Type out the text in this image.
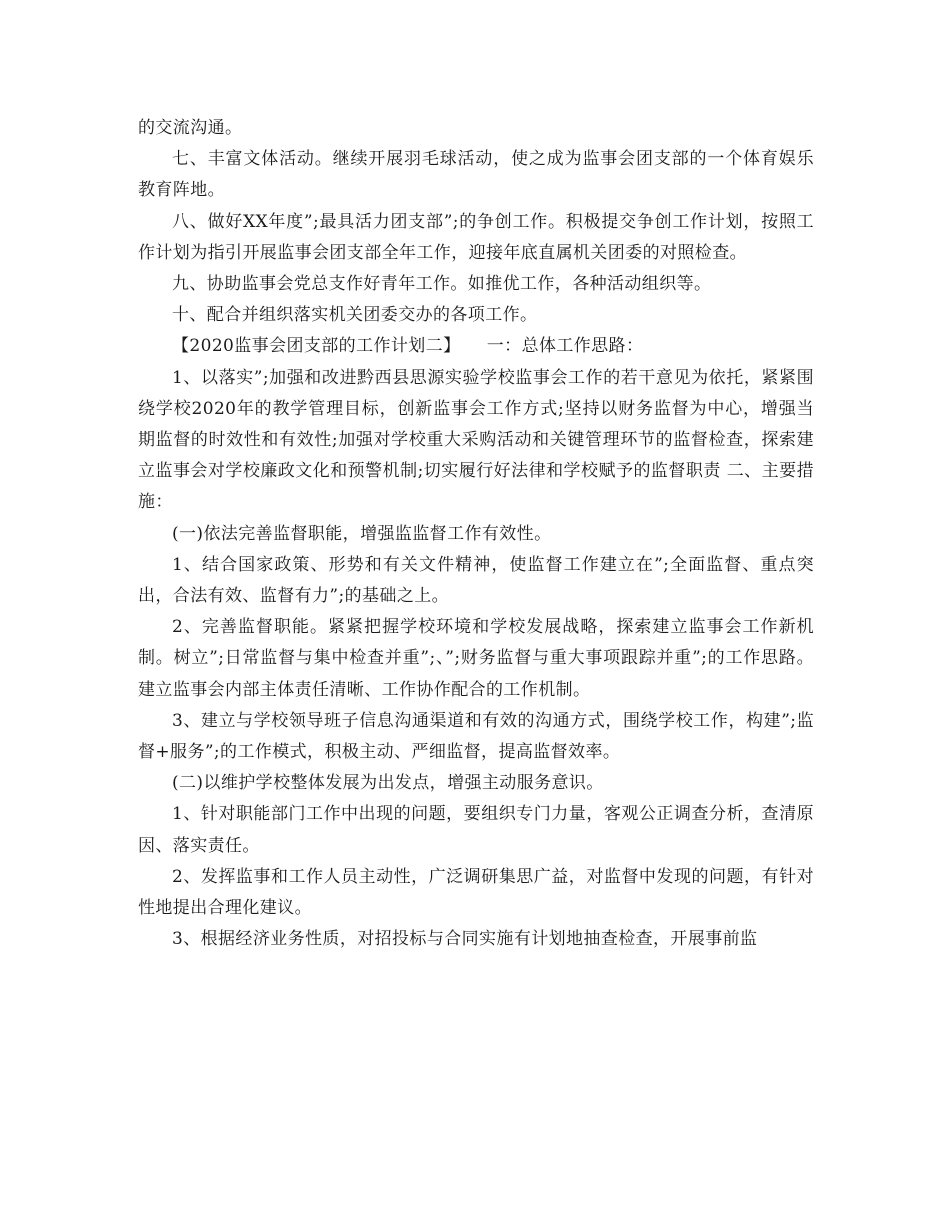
的交流沟通。

七、丰富文体活动。继续开展羽毛球活动，使之成为监事会团支部的一个体育娱乐教育阵地。

八、做好XX年度”;最具活力团支部”;的争创工作。积极提交争创工作计划，按照工作计划为指引开展监事会团支部全年工作，迎接年底直属机关团委的对照检查。

九、协助监事会党总支作好青年工作。如推优工作，各种活动组织等。

十、配合并组织落实机关团委交办的各项工作。

【2020监事会团支部的工作计划二】　　一：总体工作思路：

1、以落实”;加强和改进黔西县思源实验学校监事会工作的若干意见为依托，紧紧围绕学校2020年的教学管理目标，创新监事会工作方式;坚持以财务监督为中心，增强当期监督的时效性和有效性;加强对学校重大采购活动和关键管理环节的监督检查，探索建立监事会对学校廉政文化和预警机制;切实履行好法律和学校赋予的监督职责 二、主要措施：

(一)依法完善监督职能，增强监监督工作有效性。

1、结合国家政策、形势和有关文件精神，使监督工作建立在”;全面监督、重点突出，合法有效、监督有力”;的基础之上。

2、完善监督职能。紧紧把握学校环境和学校发展战略，探索建立监事会工作新机制。树立”;日常监督与集中检查并重”;、”;财务监督与重大事项跟踪并重”;的工作思路。建立监事会内部主体责任清晰、工作协作配合的工作机制。

3、建立与学校领导班子信息沟通渠道和有效的沟通方式，围绕学校工作，构建”;监督+服务”;的工作模式，积极主动、严细监督，提高监督效率。

(二)以维护学校整体发展为出发点，增强主动服务意识。

1、针对职能部门工作中出现的问题，要组织专门力量，客观公正调查分析，查清原因、落实责任。

2、发挥监事和工作人员主动性，广泛调研集思广益，对监督中发现的问题，有针对性地提出合理化建议。

3、根据经济业务性质，对招投标与合同实施有计划地抽查检查，开展事前监
